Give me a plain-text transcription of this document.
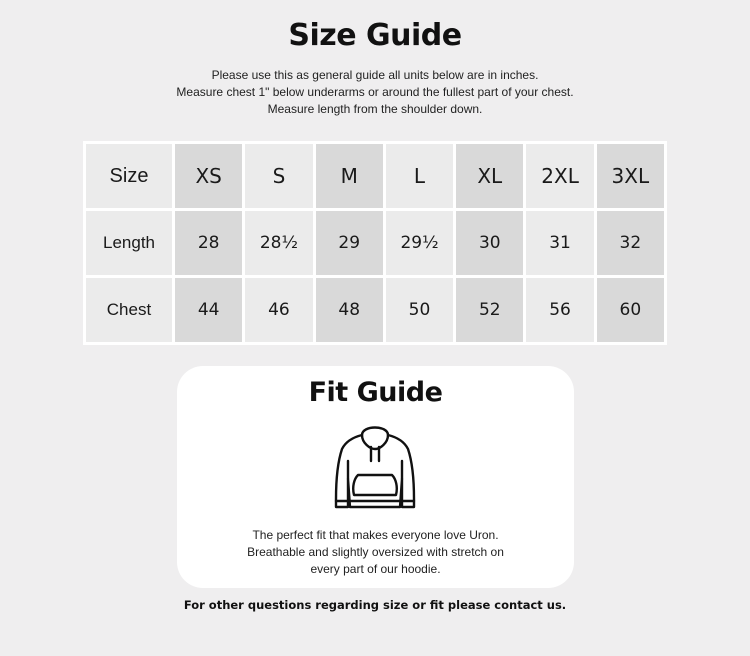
Size Guide
Please use this as general guide all units below are in inches.
Measure chest 1" below underarms or around the fullest part of your chest.
Measure length from the shoulder down.
Size	XS	S	M	L	XL	2XL	3XL
Length	28	28½	29	29½	30	31	32
Chest	44	46	48	50	52	56	60
Fit Guide
The perfect fit that makes everyone love Uron.
Breathable and slightly oversized with stretch on
every part of our hoodie.
For other questions regarding size or fit please contact us.
